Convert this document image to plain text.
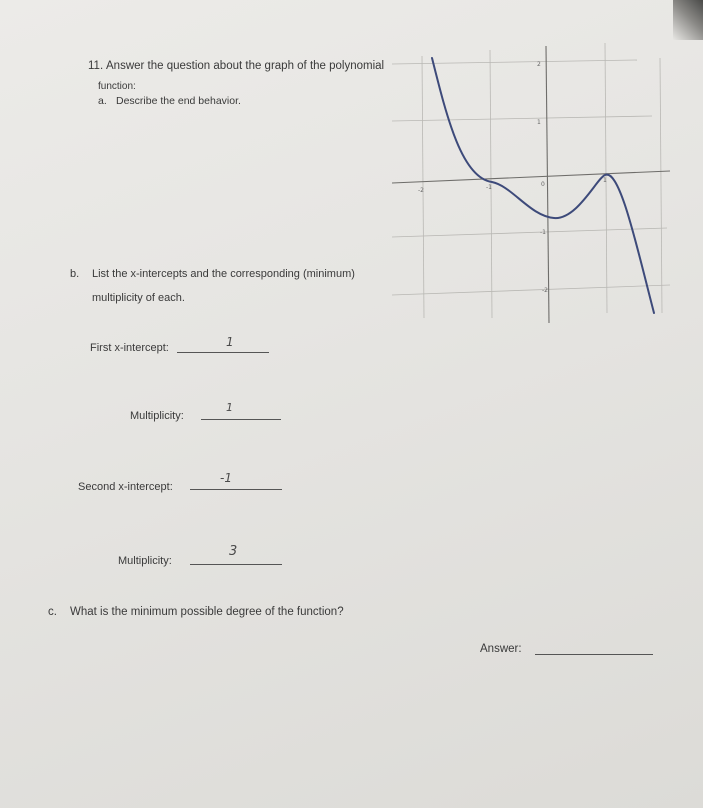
11. Answer the question about the graph of the polynomial
function:
a. Describe the end behavior.
b. List the x-intercepts and the corresponding (minimum)
multiplicity of each.
First x-intercept:	1
Multiplicity:
1
Second x-intercept:
-1
Multiplicity:
3
c. What is the minimum possible degree of the function?
Answer:
-2	-1	0
1
2
1
-1
-2
